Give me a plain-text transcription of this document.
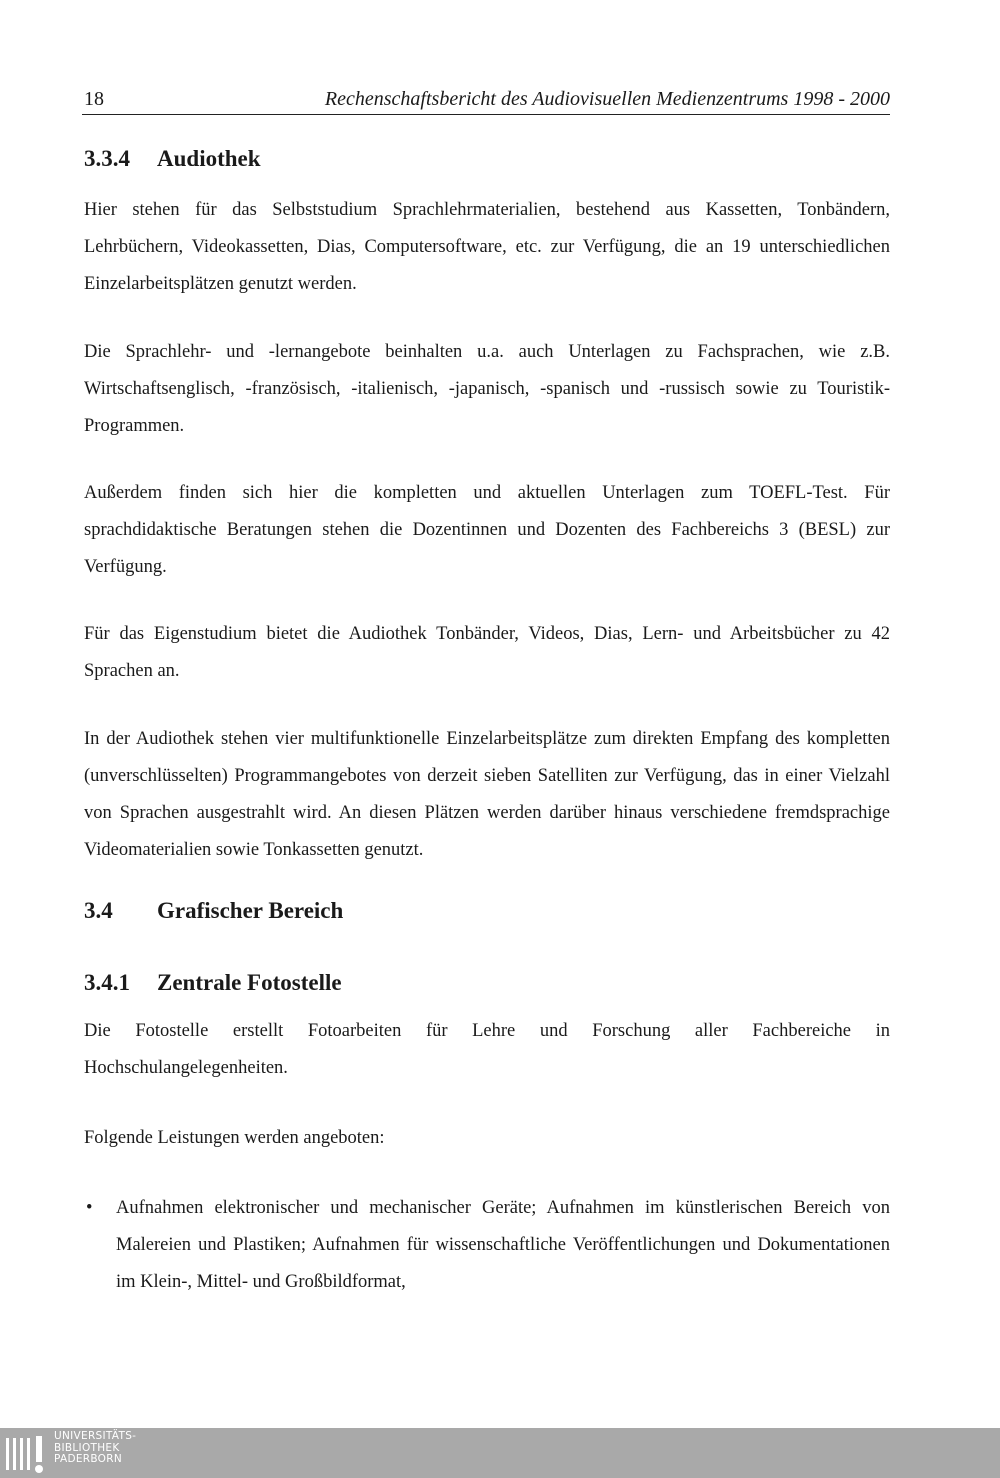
18	Rechenschaftsbericht des Audiovisuellen Medienzentrums 1998 - 2000
3.3.4 Audiothek

Hier stehen für das Selbststudium Sprachlehrmaterialien, bestehend aus Kassetten, Tonbändern, Lehrbüchern, Videokassetten, Dias, Computersoftware, etc. zur Verfügung, die an 19 unterschiedlichen Einzelarbeitsplätzen genutzt werden.

Die Sprachlehr- und -lernangebote beinhalten u.a. auch Unterlagen zu Fachsprachen, wie z.B. Wirtschaftsenglisch, -französisch, -italienisch, -japanisch, -spanisch und -russisch sowie zu Touristik-Programmen.

Außerdem finden sich hier die kompletten und aktuellen Unterlagen zum TOEFL-Test. Für sprachdidaktische Beratungen stehen die Dozentinnen und Dozenten des Fachbereichs 3 (BESL) zur Verfügung.

Für das Eigenstudium bietet die Audiothek Tonbänder, Videos, Dias, Lern- und Arbeitsbücher zu 42 Sprachen an.

In der Audiothek stehen vier multifunktionelle Einzelarbeitsplätze zum direkten Empfang des kompletten (unverschlüsselten) Programmangebotes von derzeit sieben Satelliten zur Verfügung, das in einer Vielzahl von Sprachen ausgestrahlt wird. An diesen Plätzen werden darüber hinaus verschiedene fremdsprachige Videomaterialien sowie Tonkassetten genutzt.

3.4 Grafischer Bereich
3.4.1 Zentrale Fotostelle

Die Fotostelle erstellt Fotoarbeiten für Lehre und Forschung aller Fachbereiche in Hochschulangelegenheiten.

Folgende Leistungen werden angeboten:

• Aufnahmen elektronischer und mechanischer Geräte; Aufnahmen im künstlerischen Bereich von Malereien und Plastiken; Aufnahmen für wissenschaftliche Veröffentlichungen und Dokumentationen im Klein-, Mittel- und Großbildformat,

UNIVERSITÄTS-
BIBLIOTHEK
PADERBORN
